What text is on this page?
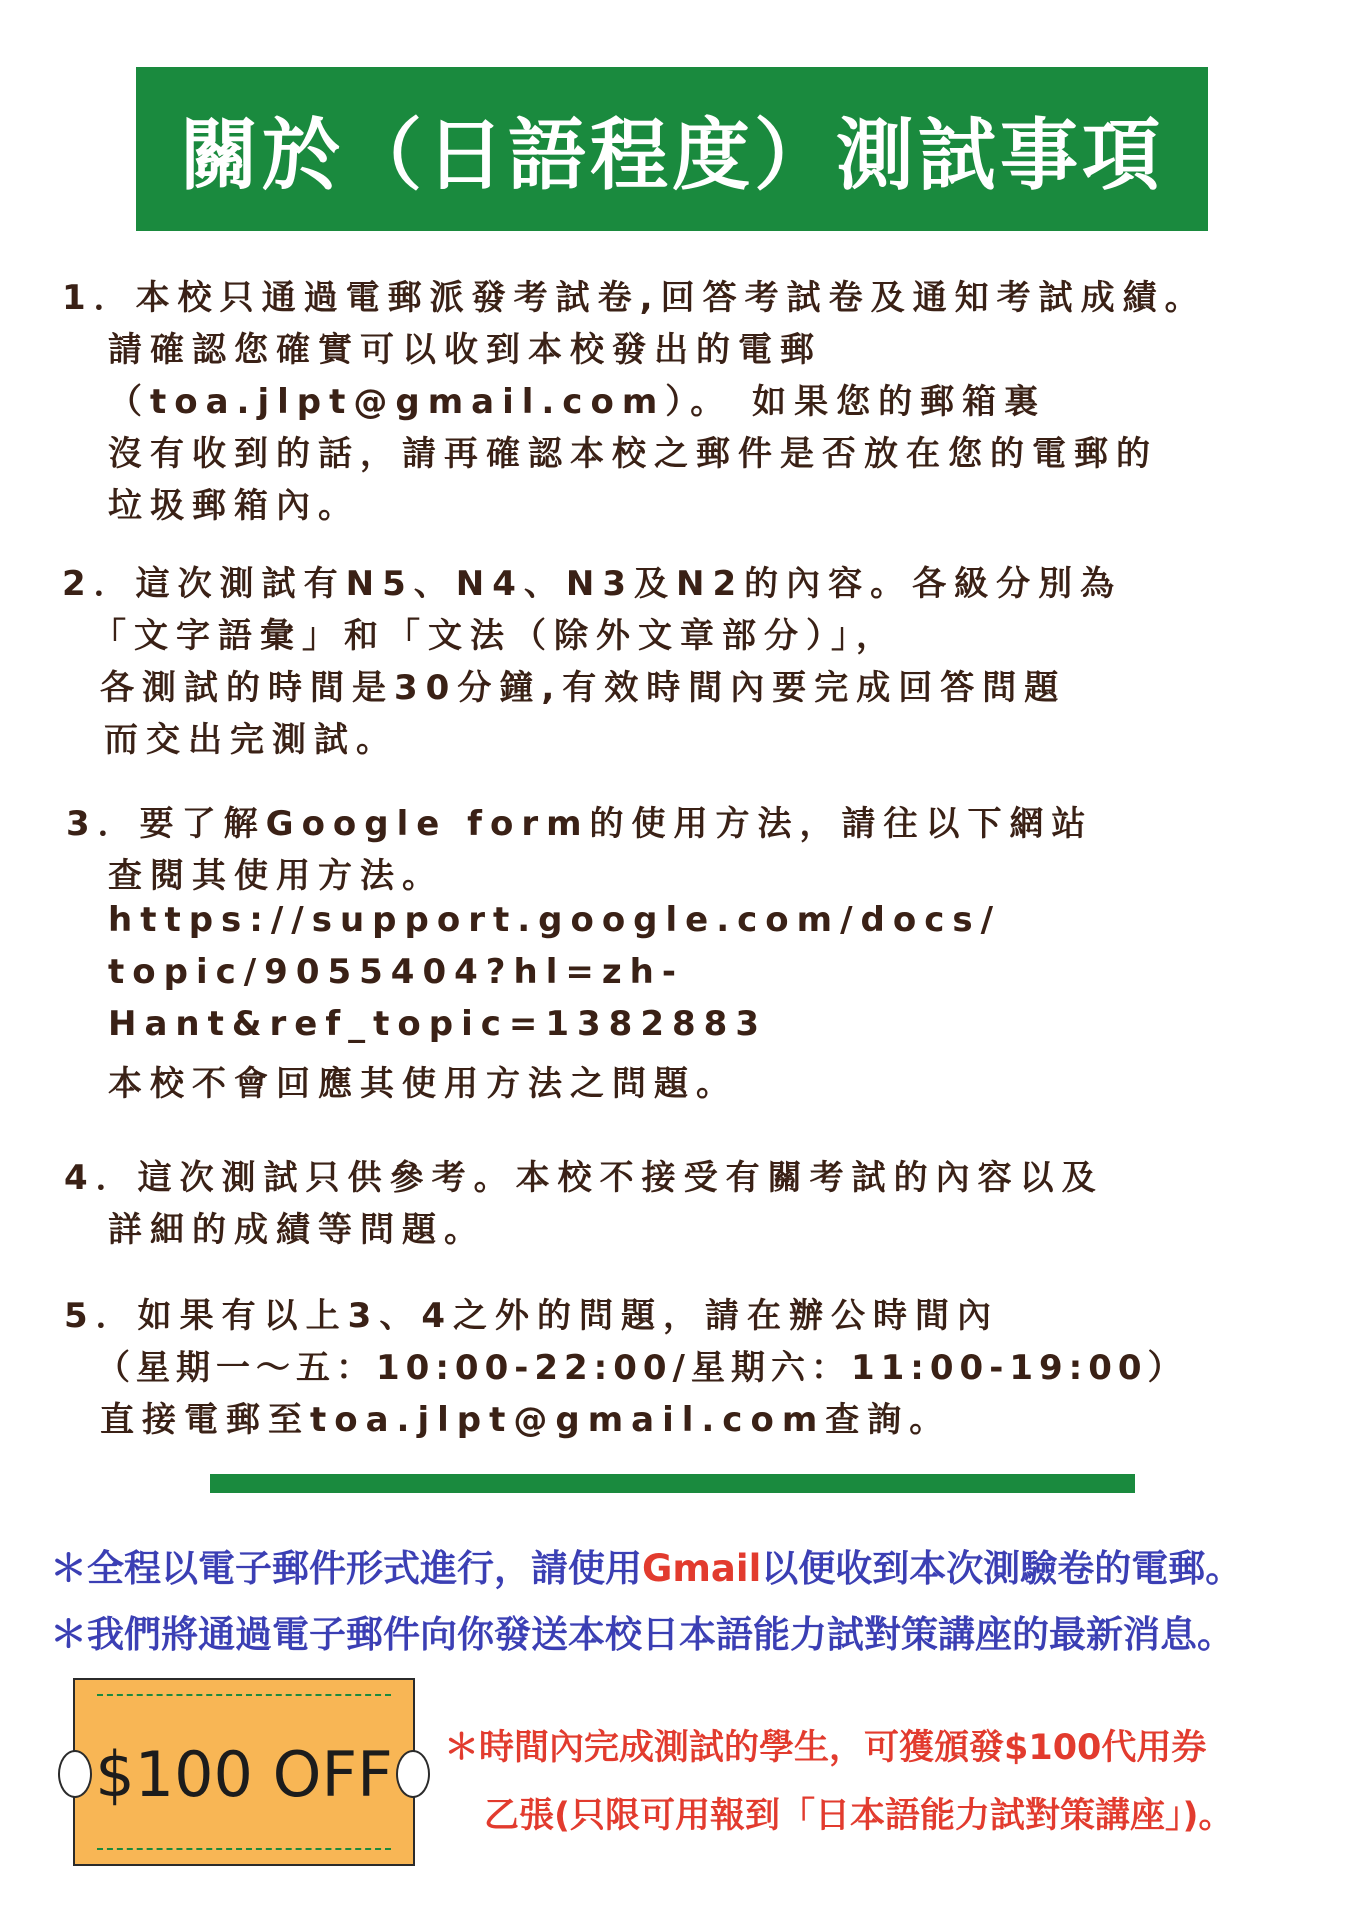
關於（日語程度）測試事項
1．本校只通過電郵派發考試卷,回答考試卷及通知考試成績。
請確認您確實可以收到本校發出的電郵
（toa.jlpt@gmail.com）。 如果您的郵箱裏
沒有收到的話，請再確認本校之郵件是否放在您的電郵的
垃圾郵箱內。
2．這次測試有N5、N4、N3及N2的內容。各級分別為
「文字語彙」和「文法（除外文章部分）」，
各測試的時間是30分鐘,有效時間內要完成回答問題
而交出完測試。
3．要了解Google form的使用方法，請往以下網站
查閱其使用方法。
https://support.google.com/docs/
topic/9055404?hl=zh-
Hant&ref_topic=1382883
本校不會回應其使用方法之問題。
4．這次測試只供參考。本校不接受有關考試的內容以及
詳細的成績等問題。
5．如果有以上3、4之外的問題，請在辦公時間內
（星期一～五：10:00-22:00/星期六：11:00-19:00）
直接電郵至toa.jlpt@gmail.com查詢。
＊全程以電子郵件形式進行，請使用Gmail以便收到本次測驗卷的電郵。
＊我們將通過電子郵件向你發送本校日本語能力試對策講座的最新消息。
$100 OFF	＊時間內完成測試的學生，可獲頒發$100代用券
乙張(只限可用報到「日本語能力試對策講座」)。
